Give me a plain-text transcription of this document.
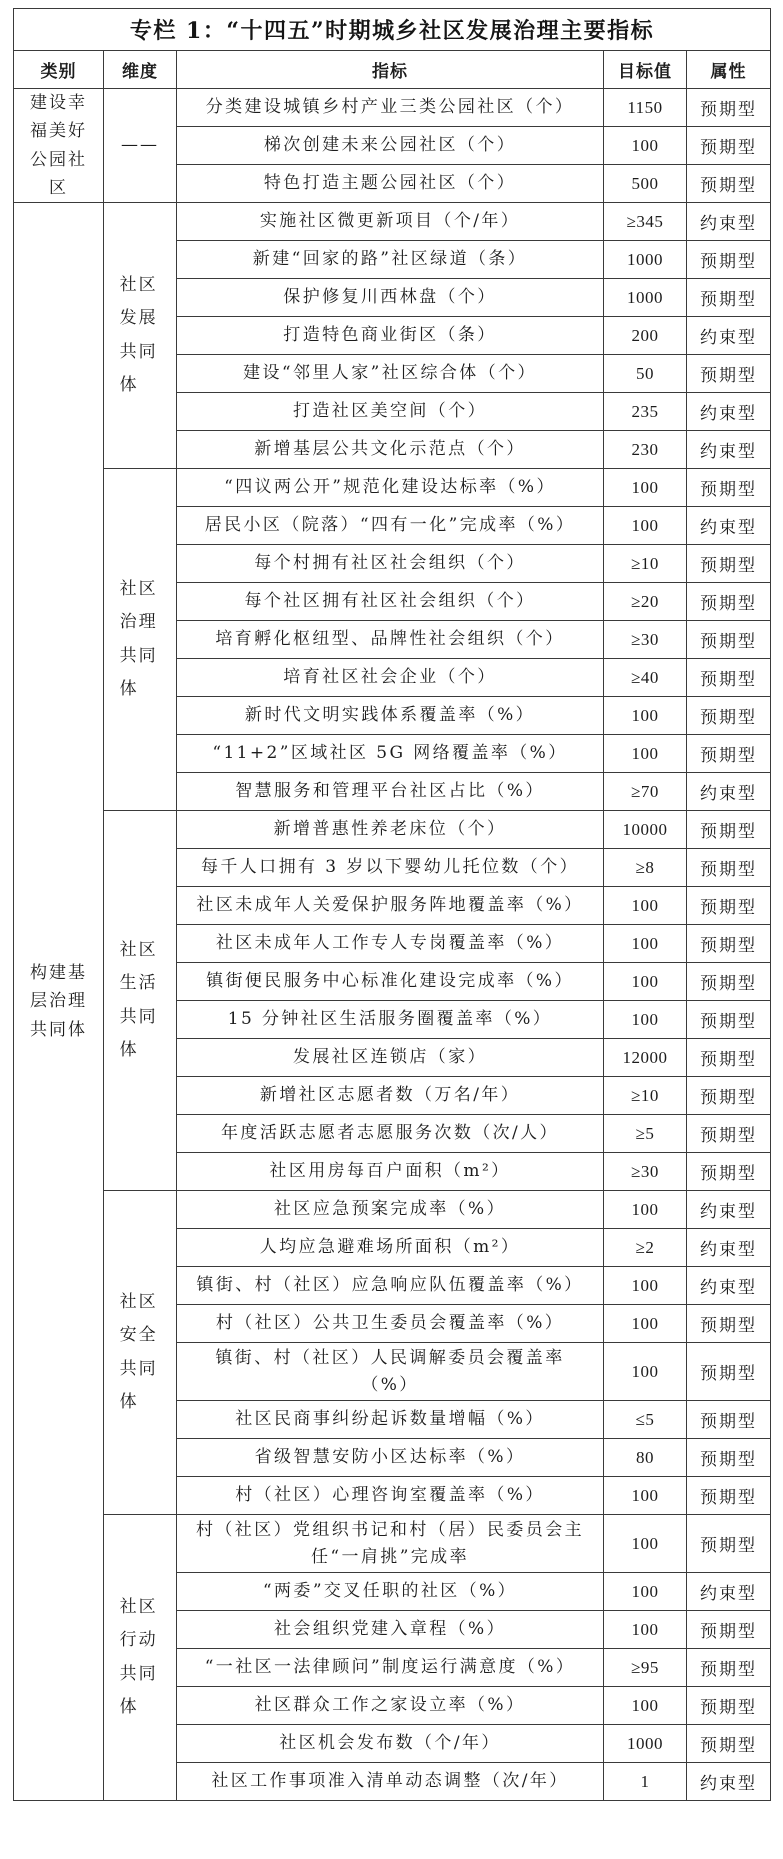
专栏 1：“十四五”时期城乡社区发展治理主要指标				
类别	维度	指标	目标值	属性
建设幸福美好公园社区	——	分类建设城镇乡村产业三类公园社区（个）	1150	预期型
		梯次创建未来公园社区（个）	100	预期型
		特色打造主题公园社区（个）	500	预期型
构建基层治理共同体	社区发展共同体	实施社区微更新项目（个/年）	≥345	约束型
		新建“回家的路”社区绿道（条）	1000	预期型
		保护修复川西林盘（个）	1000	预期型
		打造特色商业街区（条）	200	约束型
		建设“邻里人家”社区综合体（个）	50	预期型
		打造社区美空间（个）	235	约束型
		新增基层公共文化示范点（个）	230	约束型
	社区治理共同体	“四议两公开”规范化建设达标率（%）	100	预期型
		居民小区（院落）“四有一化”完成率（%）	100	约束型
		每个村拥有社区社会组织（个）	≥10	预期型
		每个社区拥有社区社会组织（个）	≥20	预期型
		培育孵化枢纽型、品牌性社会组织（个）	≥30	预期型
		培育社区社会企业（个）	≥40	预期型
		新时代文明实践体系覆盖率（%）	100	预期型
		“11+2”区域社区 5G 网络覆盖率（%）	100	预期型
		智慧服务和管理平台社区占比（%）	≥70	约束型
	社区生活共同体	新增普惠性养老床位（个）	10000	预期型
		每千人口拥有 3 岁以下婴幼儿托位数（个）	≥8	预期型
		社区未成年人关爱保护服务阵地覆盖率（%）	100	预期型
		社区未成年人工作专人专岗覆盖率（%）	100	预期型
		镇街便民服务中心标准化建设完成率（%）	100	预期型
		15 分钟社区生活服务圈覆盖率（%）	100	预期型
		发展社区连锁店（家）	12000	预期型
		新增社区志愿者数（万名/年）	≥10	预期型
		年度活跃志愿者志愿服务次数（次/人）	≥5	预期型
		社区用房每百户面积（m²）	≥30	预期型
	社区安全共同体	社区应急预案完成率（%）	100	约束型
		人均应急避难场所面积（m²）	≥2	约束型
		镇街、村（社区）应急响应队伍覆盖率（%）	100	约束型
		村（社区）公共卫生委员会覆盖率（%）	100	预期型
		镇街、村（社区）人民调解委员会覆盖率
（%）	100	预期型
		社区民商事纠纷起诉数量增幅（%）	≤5	预期型
		省级智慧安防小区达标率（%）	80	预期型
		村（社区）心理咨询室覆盖率（%）	100	预期型
	社区行动共同体	村（社区）党组织书记和村（居）民委员会主
任“一肩挑”完成率	100	预期型
		“两委”交叉任职的社区（%）	100	约束型
		社会组织党建入章程（%）	100	预期型
		“一社区一法律顾问”制度运行满意度（%）	≥95	预期型
		社区群众工作之家设立率（%）	100	预期型
		社区机会发布数（个/年）	1000	预期型
		社区工作事项准入清单动态调整（次/年）	1	约束型
